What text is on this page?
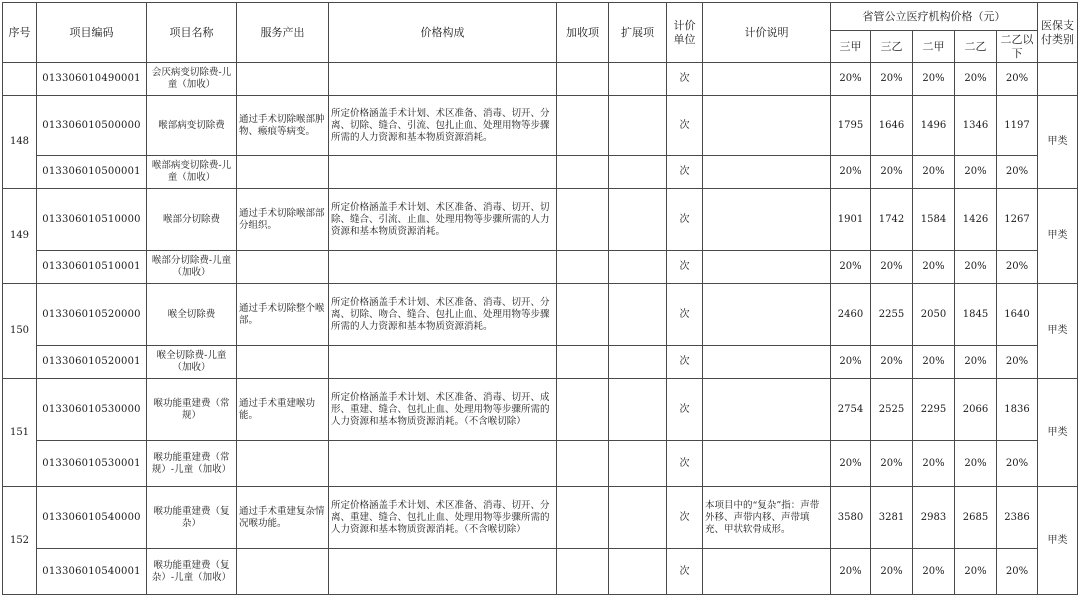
序号	项目编码	项目名称	服务产出	价格构成	加收项	扩展项	计价单位	计价说明	省管公立医疗机构价格（元）					医保支付类别
									三甲	三乙	二甲	二乙	二乙以下	
	013306010490001	会厌病变切除费-儿童（加收）					次		20%	20%	20%	20%	20%	
148	013306010500000	喉部病变切除费	通过手术切除喉部肿物、瘢痕等病变。	所定价格涵盖手术计划、术区准备、消毒、切开、分离、切除、缝合、引流、包扎止血、处理用物等步骤所需的人力资源和基本物质资源消耗。			次		1795	1646	1496	1346	1197	甲类
	013306010500001	喉部病变切除费-儿童（加收）					次		20%	20%	20%	20%	20%	
149	013306010510000	喉部分切除费	通过手术切除喉部部分组织。	所定价格涵盖手术计划、术区准备、消毒、切开、切除、缝合、引流、止血、处理用物等步骤所需的人力资源和基本物质资源消耗。			次		1901	1742	1584	1426	1267	甲类
	013306010510001	喉部分切除费-儿童（加收）					次		20%	20%	20%	20%	20%	
150	013306010520000	喉全切除费	通过手术切除整个喉部。	所定价格涵盖手术计划、术区准备、消毒、切开、分离、切除、吻合、缝合、包扎止血、处理用物等步骤所需的人力资源和基本物质资源消耗。			次		2460	2255	2050	1845	1640	甲类
	013306010520001	喉全切除费-儿童（加收）					次		20%	20%	20%	20%	20%	
151	013306010530000	喉功能重建费（常规）	通过手术重建喉功能。	所定价格涵盖手术计划、术区准备、消毒、切开、成形、重建、缝合、包扎止血、处理用物等步骤所需的人力资源和基本物质资源消耗。（不含喉切除）			次		2754	2525	2295	2066	1836	甲类
	013306010530001	喉功能重建费（常规）-儿童（加收）					次		20%	20%	20%	20%	20%	
152	013306010540000	喉功能重建费（复杂）	通过手术重建复杂情况喉功能。	所定价格涵盖手术计划、术区准备、消毒、切开、分离、重建、缝合、包扎止血、处理用物等步骤所需的人力资源和基本物质资源消耗。（不含喉切除）			次	本项目中的“复杂”指：声带外移、声带内移、声带填充、甲状软骨成形。	3580	3281	2983	2685	2386	甲类
	013306010540001	喉功能重建费（复杂）-儿童（加收）					次		20%	20%	20%	20%	20%	
